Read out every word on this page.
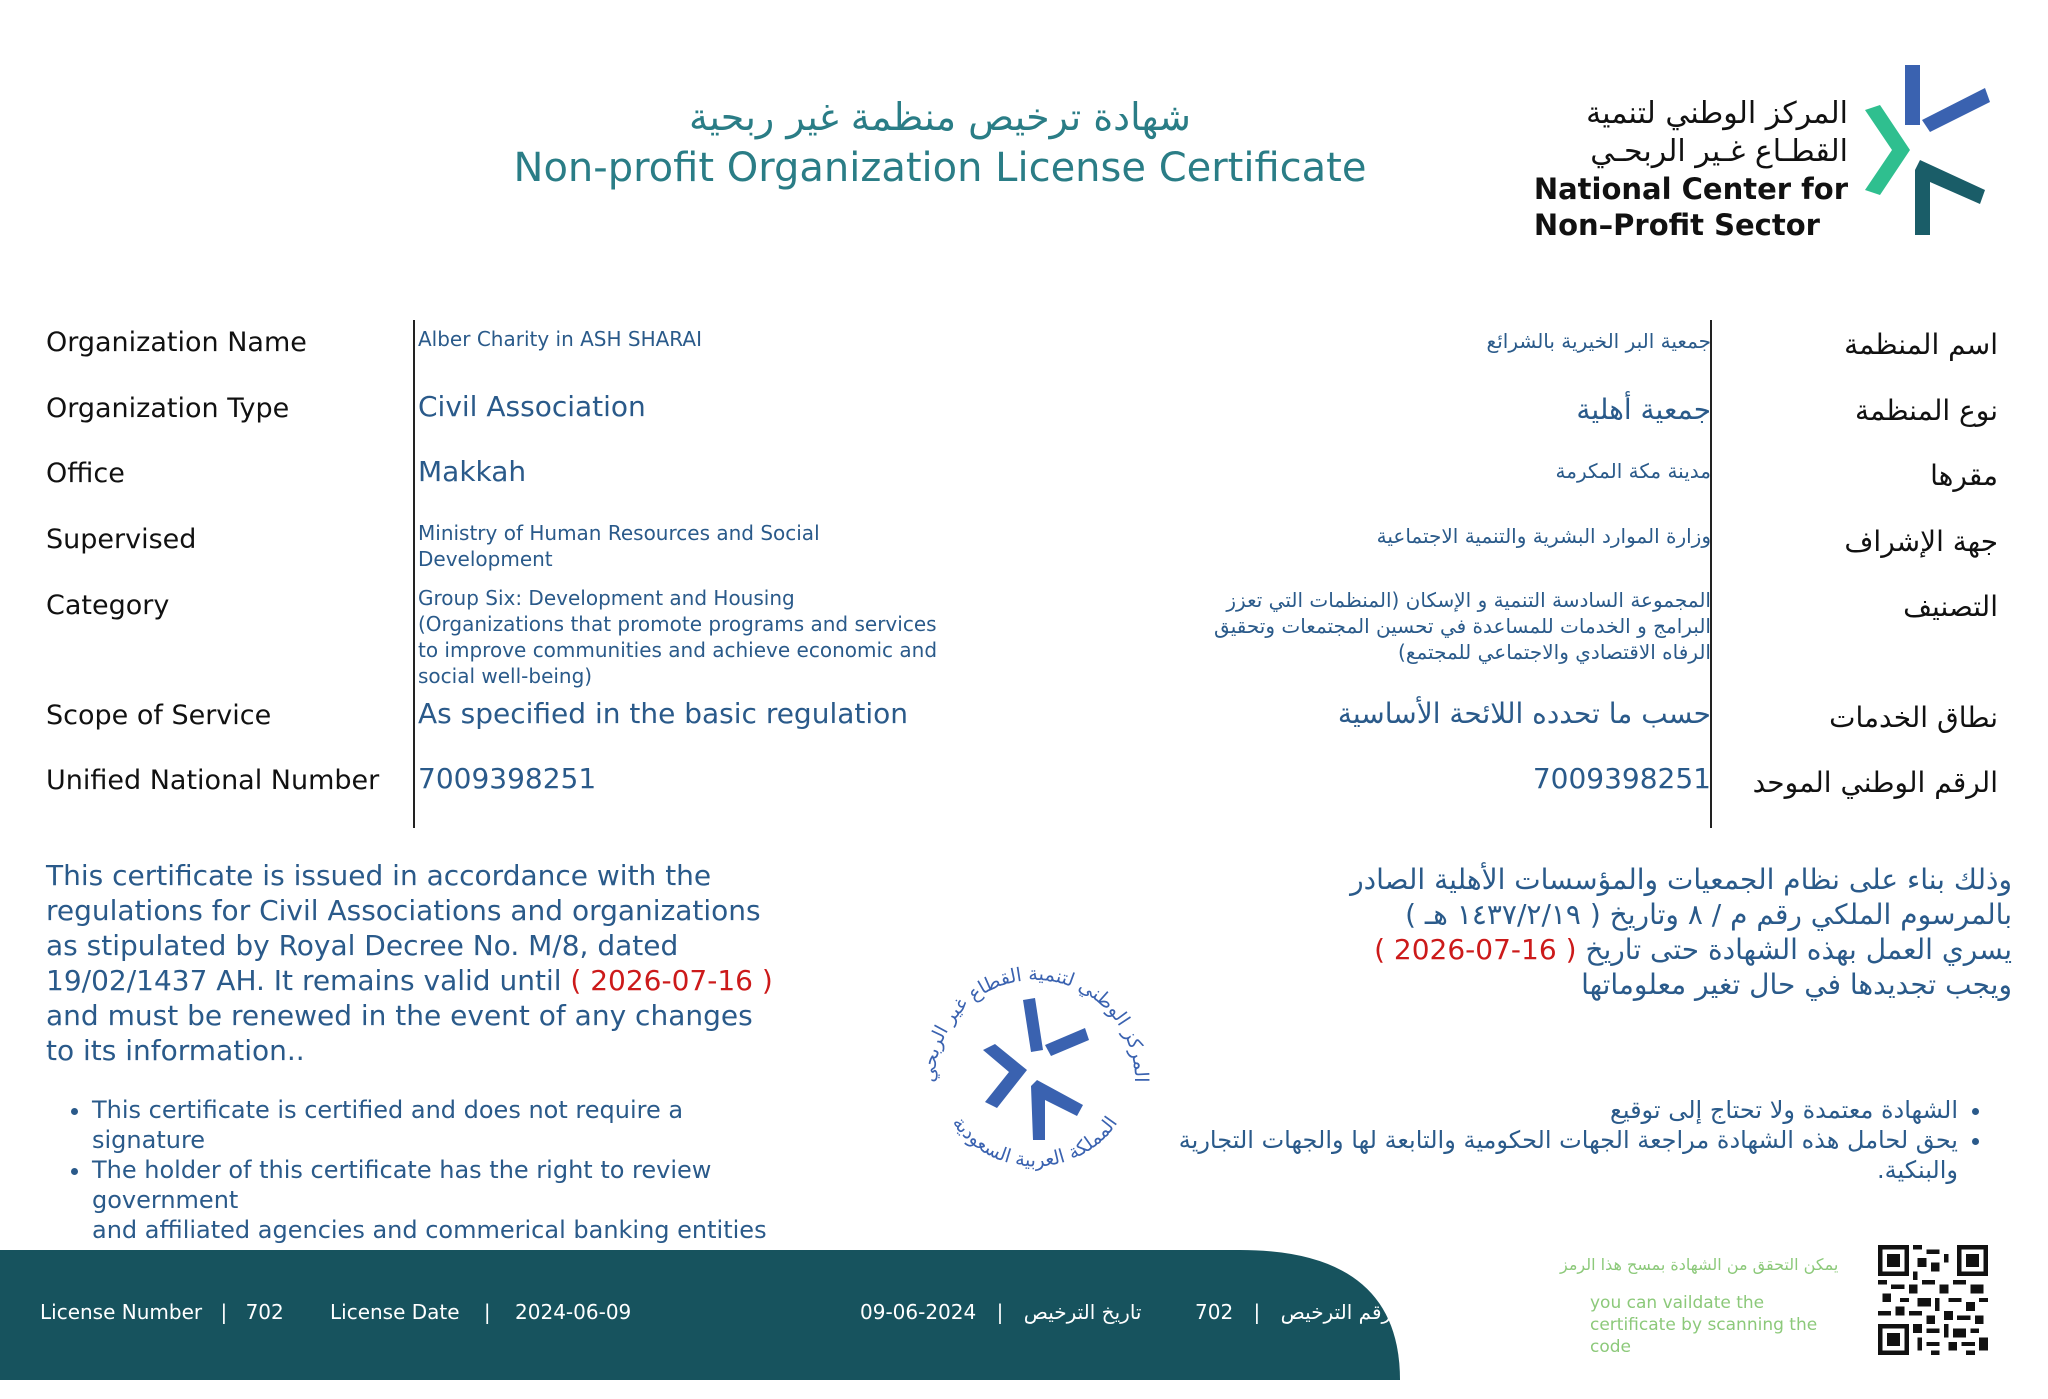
شهادة ترخيص منظمة غير ربحية
Non-profit Organization License Certificate
المركز الوطني لتنمية
القطـاع غـير الربحـي
National Center for
Non–Profit Sector
Organization Name
Organization Type
Office
Supervised
Category
Scope of Service
Unified National Number
اسم المنظمة
نوع المنظمة
مقرها
جهة الإشراف
التصنيف
نطاق الخدمات
الرقم الوطني الموحد
Alber Charity in ASH SHARAI
Civil Association
Makkah
Ministry of Human Resources and Social Development
Group Six: Development and Housing (Organizations that promote programs and services to improve communities and achieve economic and social well-being)
As specified in the basic regulation
7009398251
جمعية البر الخيرية بالشرائع
جمعية أهلية
مدينة مكة المكرمة
وزارة الموارد البشرية والتنمية الاجتماعية
المجموعة السادسة التنمية و الإسكان (المنظمات التي تعزز البرامج و الخدمات للمساعدة في تحسين المجتمعات وتحقيق الرفاه الاقتصادي والاجتماعي للمجتمع)
حسب ما تحدده اللائحة الأساسية
7009398251
This certificate is issued in accordance with the regulations for Civil Associations and organizations as stipulated by Royal Decree No. M/8, dated 19/02/1437 AH. It remains valid until ( 2026-07-16 ) and must be renewed in the event of any changes to its information..
وذلك بناء على نظام الجمعيات والمؤسسات الأهلية الصادر
بالمرسوم الملكي رقم م / ٨ وتاريخ ( ١٤٣٧/٢/١٩ هـ )
يسري العمل بهذه الشهادة حتى تاريخ ( 16-07-2026 )
ويجب تجديدها في حال تغير معلوماتها
• This certificate is certified and does not require a signature
• The holder of this certificate has the right to review government
and affiliated agencies and commerical banking entities
• الشهادة معتمدة ولا تحتاج إلى توقيع
• يحق لحامل هذه الشهادة مراجعة الجهات الحكومية والتابعة لها والجهات التجارية والبنكية.
المركز الوطني لتنمية القطاع غير الربحي
المملكة العربية السعودية
License Number | 702 License Date | 2024-06-09	09-06-2024 | تاريخ الترخيص	702 | رقم الترخيص
يمكن التحقق من الشهادة بمسح هذا الرمز
you can vaildate the certificate by scanning the code
